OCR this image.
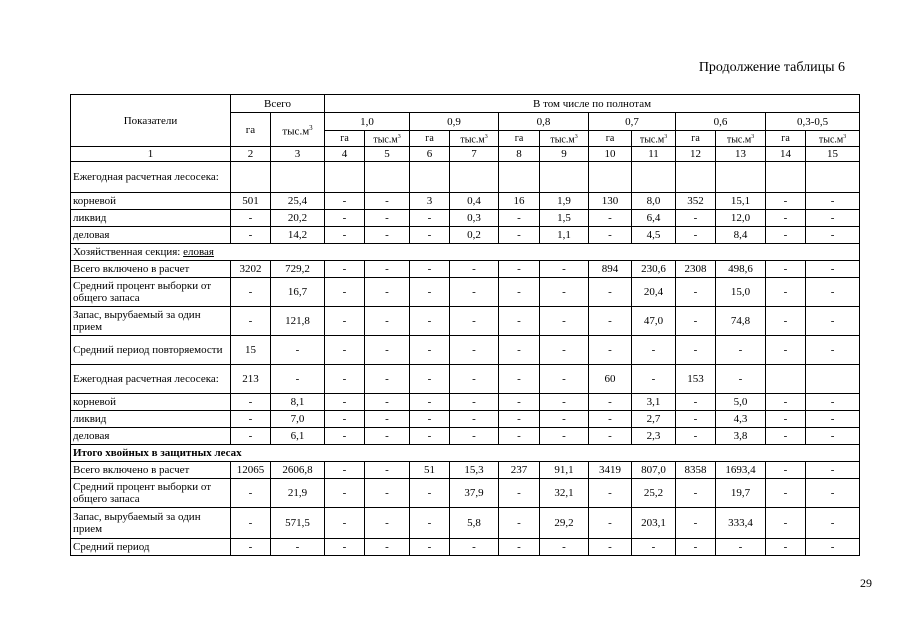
Продолжение таблицы 6
Показатели	Всего		В том числе по полнотам											
	га	$тыс.м^3$	1,0		0,9		0,8		0,7		0,6		0,3-0,5	
			га	$тыс.м^3$	га	$тыс.м^3$	га	$тыс.м^3$	га	$тыс.м^3$	га	$тыс.м^3$	га	$тыс.м^3$
1	2	3	4	5	6	7	8	9	10	11	12	13	14	15
Ежегодная расчетная лесосека:														
корневой	501	25,4	-	-	3	0,4	16	1,9	130	8,0	352	15,1	-	-
ликвид	-	20,2	-	-	-	0,3	-	1,5	-	6,4	-	12,0	-	-
деловая	-	14,2	-	-	-	0,2	-	1,1	-	4,5	-	8,4	-	-
Хозяйственная секция: еловая														
Всего включено в расчет	3202	729,2	-	-	-	-	-	-	894	230,6	2308	498,6	-	-
Средний процент выборки от общего запаса	-	16,7	-	-	-	-	-	-	-	20,4	-	15,0	-	-
Запас, вырубаемый за один прием	-	121,8	-	-	-	-	-	-	-	47,0	-	74,8	-	-
Средний период повторяемости	15	-	-	-	-	-	-	-	-	-	-	-	-	-
Ежегодная расчетная лесосека:	213	-	-	-	-	-	-	-	60	-	153	-		
корневой	-	8,1	-	-	-	-	-	-	-	3,1	-	5,0	-	-
ликвид	-	7,0	-	-	-	-	-	-	-	2,7	-	4,3	-	-
деловая	-	6,1	-	-	-	-	-	-	-	2,3	-	3,8	-	-
Итого хвойных в защитных лесах														
Всего включено в расчет	12065	2606,8	-	-	51	15,3	237	91,1	3419	807,0	8358	1693,4	-	-
Средний процент выборки от общего запаса	-	21,9	-	-	-	37,9	-	32,1	-	25,2	-	19,7	-	-
Запас, вырубаемый за один прием	-	571,5	-	-	-	5,8	-	29,2	-	203,1	-	333,4	-	-
Средний период	-	-	-	-	-	-	-	-	-	-	-	-	-	-
29
